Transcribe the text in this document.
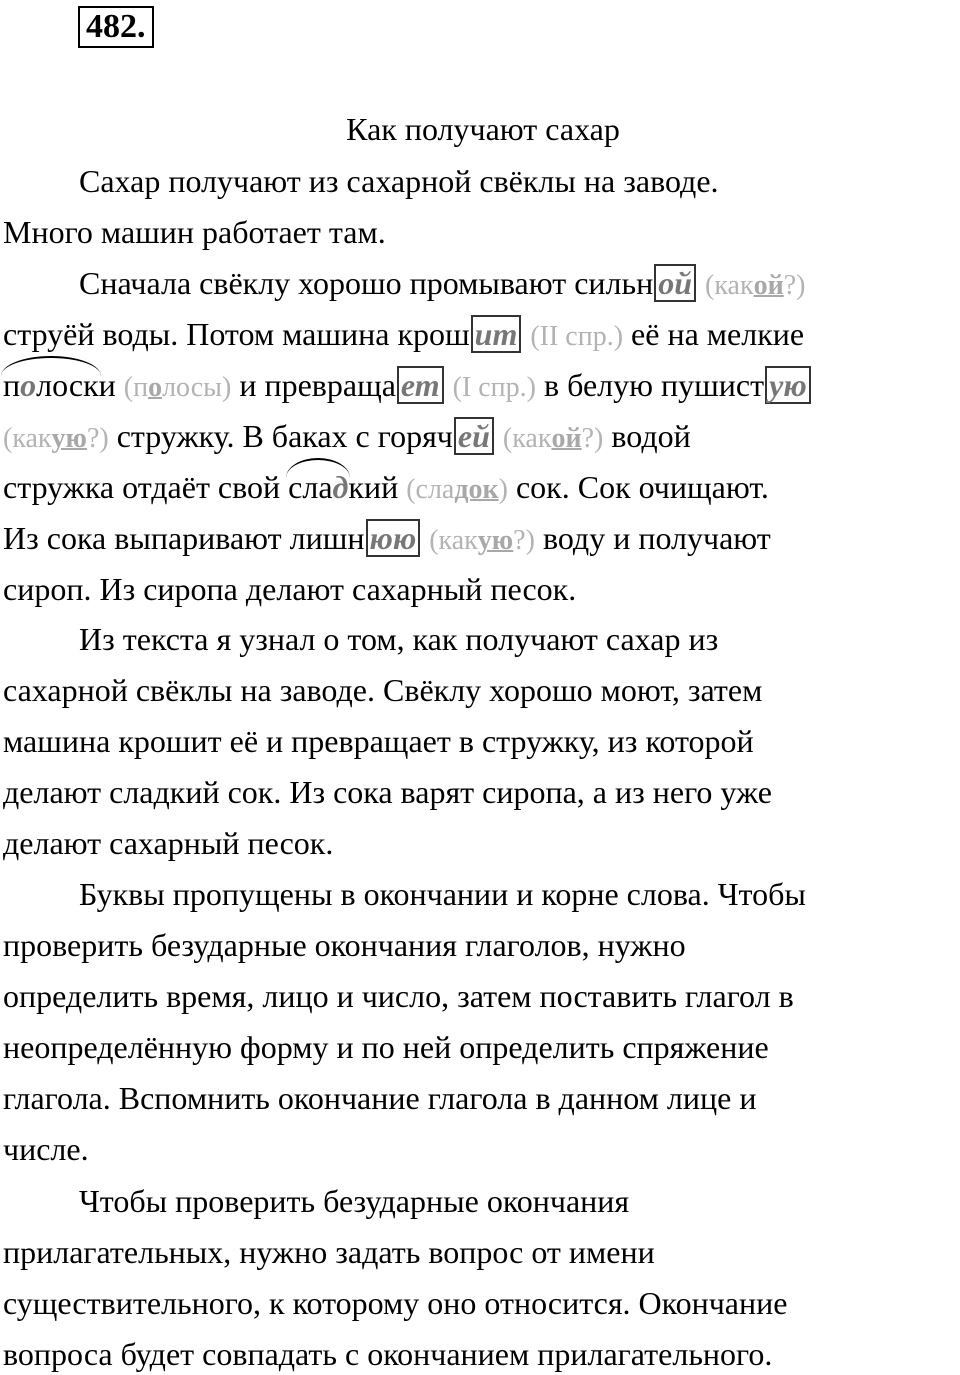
482.
Как получают сахар
Сахар получают из сахарной свёклы на заводе.
Много машин работает там.
Сначала свёклу хорошо промывают сильн ой (какой?)
струёй воды. Потом машина крош ит (II спр.) её на мелкие
полоски (полосы) и превраща ет (I спр.) в белую пушист ую
(какую?) стружку. В баках с горяч ей (какой?) водой
стружка отдаёт свой сладкий (сладок) сок. Сок очищают.
Из сока выпаривают лишн юю (какую?) воду и получают
сироп. Из сиропа делают сахарный песок.
Из текста я узнал о том, как получают сахар из
сахарной свёклы на заводе. Свёклу хорошо моют, затем
машина крошит её и превращает в стружку, из которой
делают сладкий сок. Из сока варят сиропа, а из него уже
делают сахарный песок.
Буквы пропущены в окончании и корне слова. Чтобы
проверить безударные окончания глаголов, нужно
определить время, лицо и число, затем поставить глагол в
неопределённую форму и по ней определить спряжение
глагола. Вспомнить окончание глагола в данном лице и
числе.
Чтобы проверить безударные окончания
прилагательных, нужно задать вопрос от имени
существительного, к которому оно относится. Окончание
вопроса будет совпадать с окончанием прилагательного.
